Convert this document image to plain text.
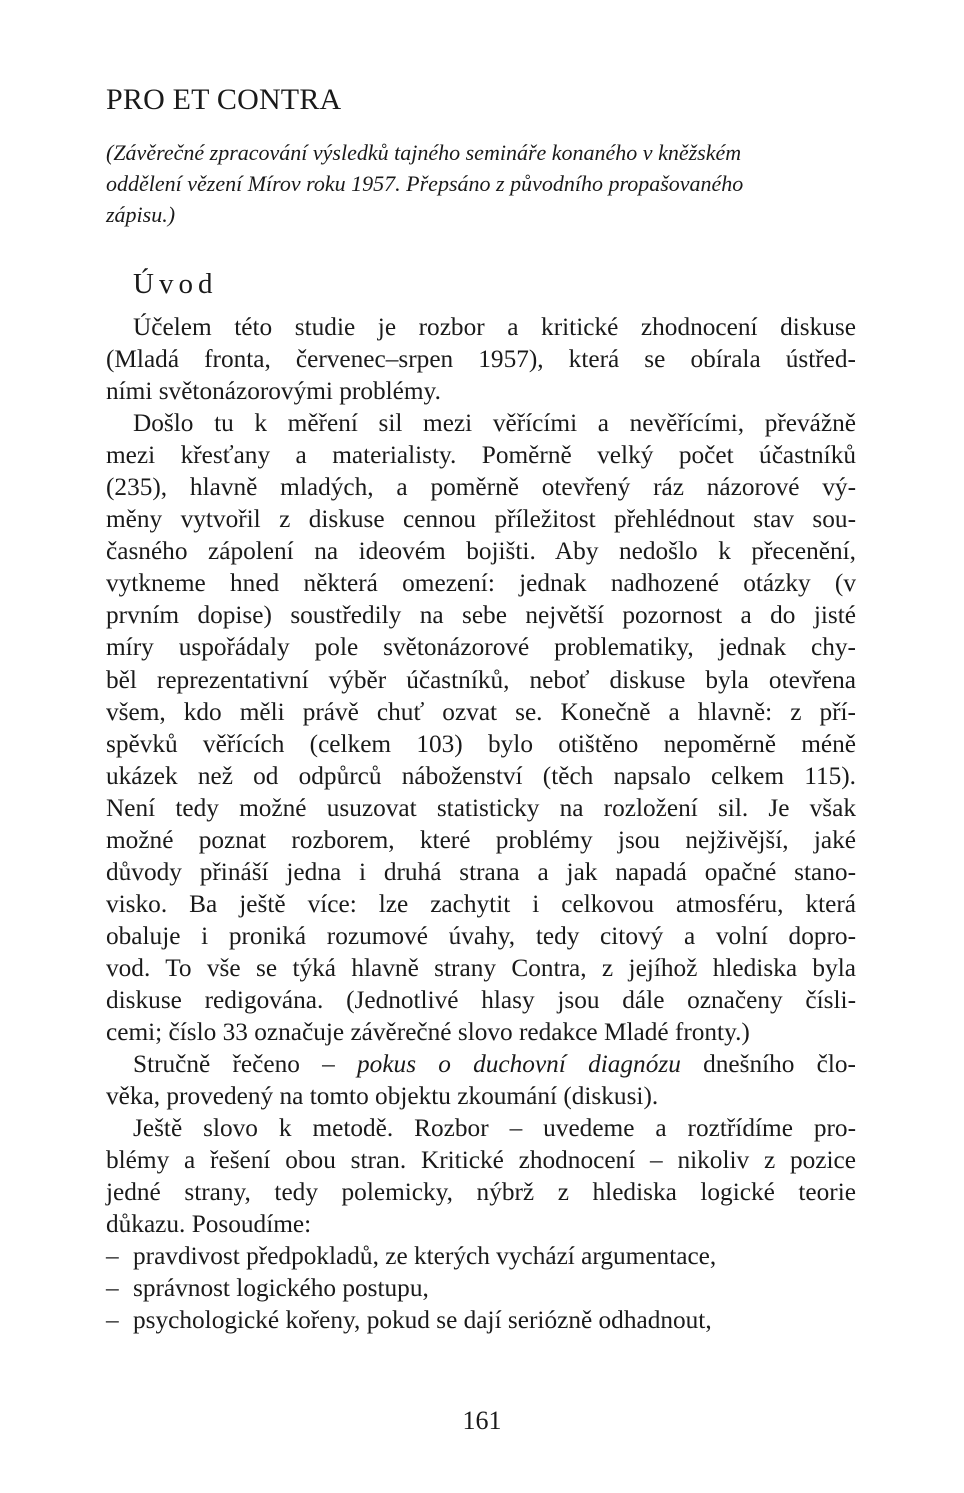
PRO ET CONTRA
(Závěrečné zpracování výsledků tajného semináře konaného v kněžském
oddělení vězení Mírov roku 1957. Přepsáno z původního propašovaného
zápisu.)
Úvod
Účelem této studie je rozbor a kritické zhodnocení diskuse
(Mladá fronta, červenec–srpen 1957), která se obírala ústřed-
ními světonázorovými problémy.
Došlo tu k měření sil mezi věřícími a nevěřícími, převážně
mezi křesťany a materialisty. Poměrně velký počet účastníků
(235), hlavně mladých, a poměrně otevřený ráz názorové vý-
měny vytvořil z diskuse cennou příležitost přehlédnout stav sou-
časného zápolení na ideovém bojišti. Aby nedošlo k přecenění,
vytkneme hned některá omezení: jednak nadhozené otázky (v
prvním dopise) soustředily na sebe největší pozornost a do jisté
míry uspořádaly pole světonázorové problematiky, jednak chy-
běl reprezentativní výběr účastníků, neboť diskuse byla otevřena
všem, kdo měli právě chuť ozvat se. Konečně a hlavně: z pří-
spěvků věřících (celkem 103) bylo otištěno nepoměrně méně
ukázek než od odpůrců náboženství (těch napsalo celkem 115).
Není tedy možné usuzovat statisticky na rozložení sil. Je však
možné poznat rozborem, které problémy jsou nejživější, jaké
důvody přináší jedna i druhá strana a jak napadá opačné stano-
visko. Ba ještě více: lze zachytit i celkovou atmosféru, která
obaluje i proniká rozumové úvahy, tedy citový a volní dopro-
vod. To vše se týká hlavně strany Contra, z jejíhož hlediska byla
diskuse redigována. (Jednotlivé hlasy jsou dále označeny čísli-
cemi; číslo 33 označuje závěrečné slovo redakce Mladé fronty.)
Stručně řečeno – pokus o duchovní diagnózu dnešního člo-
věka, provedený na tomto objektu zkoumání (diskusi).
Ještě slovo k metodě. Rozbor – uvedeme a roztřídíme pro-
blémy a řešení obou stran. Kritické zhodnocení – nikoliv z pozice
jedné strany, tedy polemicky, nýbrž z hlediska logické teorie
důkazu. Posoudíme:
– pravdivost předpokladů, ze kterých vychází argumentace,
– správnost logického postupu,
– psychologické kořeny, pokud se dají seriózně odhadnout,
161
